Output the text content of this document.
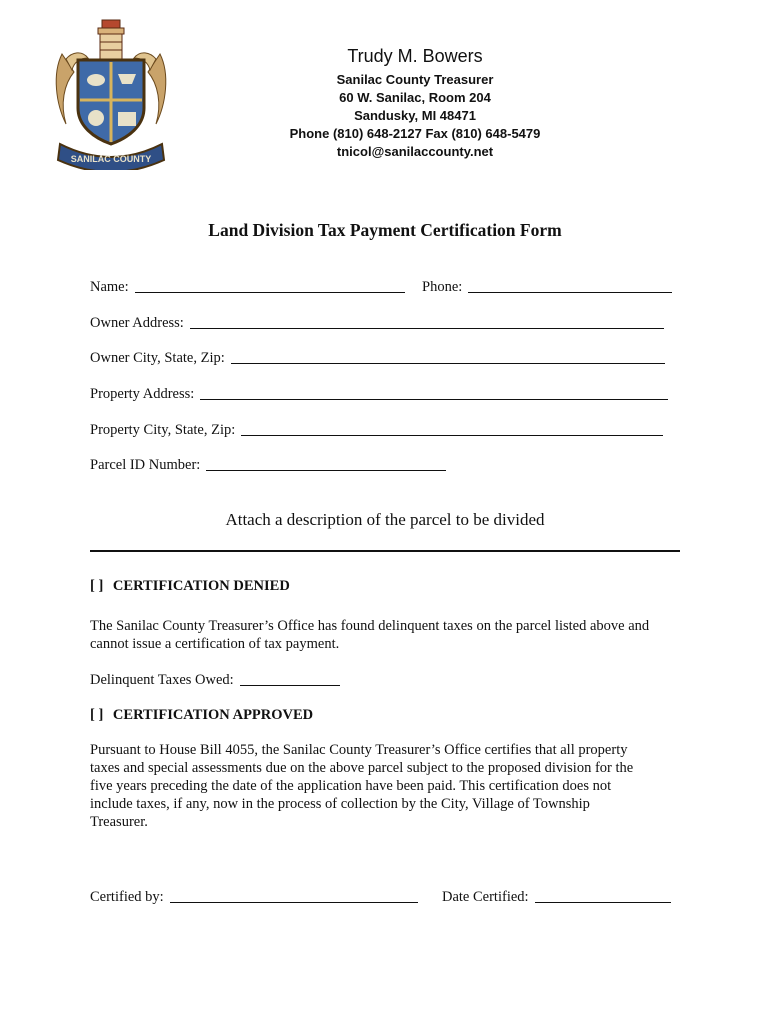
SANILAC COUNTY
Trudy M. Bowers
Sanilac County Treasurer
60 W. Sanilac, Room 204
Sandusky, MI 48471
Phone (810) 648-2127 Fax (810) 648-5479
tnicol@sanilaccounty.net
Land Division Tax Payment Certification Form
Name:	Phone:
Owner Address:
Owner City, State, Zip:
Property Address:
Property City, State, Zip:
Parcel ID Number:
Attach a description of the parcel to be divided
[ ] CERTIFICATION DENIED
The Sanilac County Treasurer’s Office has found delinquent taxes on the parcel listed above and
cannot issue a certification of tax payment.
Delinquent Taxes Owed:
[ ] CERTIFICATION APPROVED
Pursuant to House Bill 4055, the Sanilac County Treasurer’s Office certifies that all property
taxes and special assessments due on the above parcel subject to the proposed division for the
five years preceding the date of the application have been paid. This certification does not
include taxes, if any, now in the process of collection by the City, Village of Township
Treasurer.
Certified by:	Date Certified:
